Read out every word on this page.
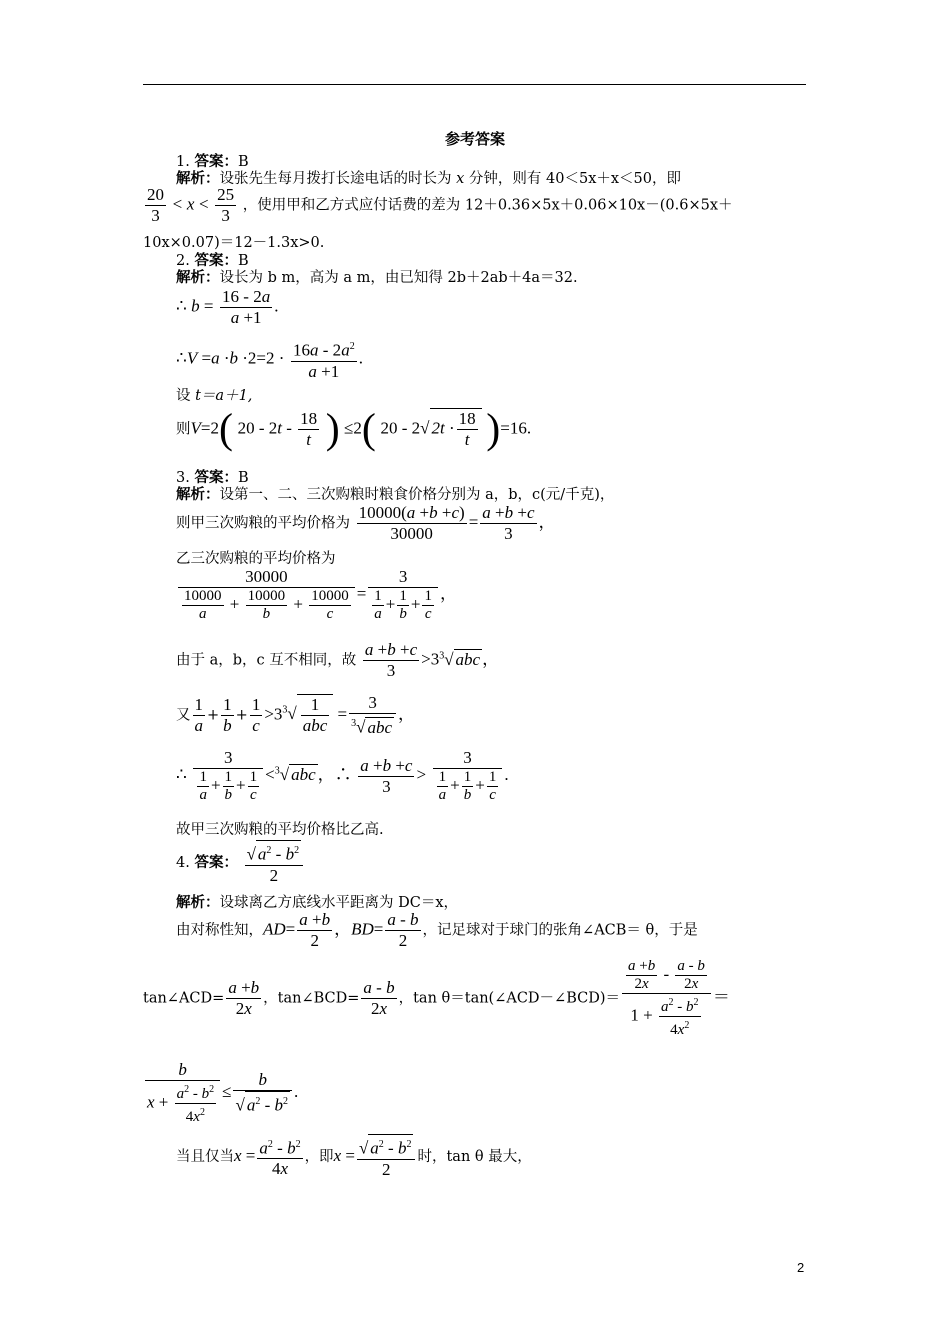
参考答案
1. 答案：B
解析：设张先生每月拨打长途电话的时长为 x 分钟，则有 40＜5x＋x＜50，即
$\frac{20}{3} < x < \frac{25}{3}$ ，使用甲和乙方式应付话费的差为 12＋0.36×5x＋0.06×10x－(0.6×5x＋
10x×0.07)＝12－1.3x>0.
2. 答案：B
解析：设长为 b m，高为 a m，由已知得 2b＋2ab＋4a＝32.
∴ $b = \frac{16 - 2a}{a +1}$ .
∴V $=a \cdot b \cdot 2=2 \cdot \frac{16a - 2a^2}{a +1}$ .
设 t＝a＋1,
则V=2( $20 - 2t - \frac{18}{t}$ ) ≤2( 20 - 2√ $2t \cdot \frac{18}{t} )=16$.
3. 答案：B
解析：设第一、二、三次购粮时粮食价格分别为 a，b，c(元/千克)，
则甲三次购粮的平均价格为 $\frac{10000(a +b +c)}{30000} = \frac{a +b +c}{3}$ ，
乙三次购粮的平均价格为
$\frac{30000}{\frac{10000}{a} + \frac{10000}{b} + \frac{10000}{c}} = \frac{3}{\frac{1}{a} + \frac{1}{b} + \frac{1}{c}}$ ，
由于 a，b，c 互不相同，故 $\frac{a +b +c}{3} >3^3√$ abc ，
又 $\frac{1}{a} + \frac{1}{b} + \frac{1}{c} >3^3√ \frac{1}{\text{abc}} = \frac{3}{^3√ abc}$ ，
∴ $\frac{3}{\frac{1}{a} + \frac{1}{b} + \frac{1}{c}} <^3√$ abc ，∴ $\frac{a +b +c}{3} > \frac{3}{\frac{1}{a} + \frac{1}{b} + \frac{1}{c}}$ .
故甲三次购粮的平均价格比乙高.
4. 答案： $\frac{√ a^2 - b^2}{2}$
解析：设球离乙方底线水平距离为 DC＝x，
由对称性知，$AD= \frac{a +b}{2}$ ，$BD= \frac{a - b}{2}$ ，记足球对于球门的张角∠ACB＝ θ，于是
tan∠ACD= $\frac{a +b}{2x}$ ，tan∠BCD= $\frac{a - b}{2x}$ ，tan θ＝tan(∠ACD－∠BCD)＝ $\frac{\frac{a +b}{2x} - \frac{a - b}{2x}}{1 + \frac{a^2 - b^2}{4x^2}}$ ＝
$\frac{b}{x + \frac{a^2 - b^2}{4x^2}} \le \frac{b}{√ a^2 - b^2}$ .
当且仅当$x = \frac{a^2 - b^2}{4x}$ ，即$x = \frac{√ a^2 - b^2}{2}$ 时，tan θ 最大，
2
